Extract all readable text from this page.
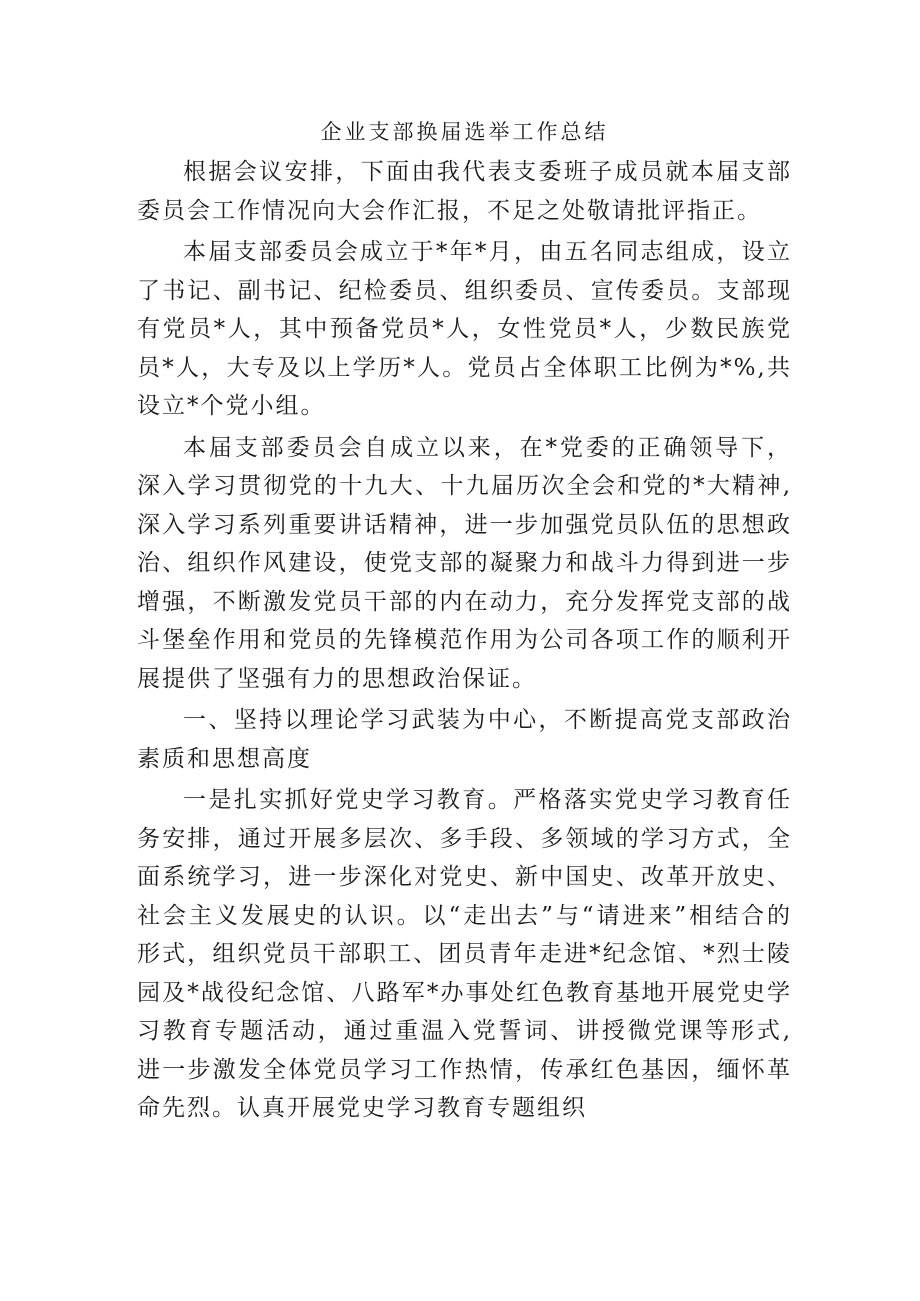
企业支部换届选举工作总结

根据会议安排，下面由我代表支委班子成员就本届支部委员会工作情况向大会作汇报，不足之处敬请批评指正。

本届支部委员会成立于*年*月，由五名同志组成，设立了书记、副书记、纪检委员、组织委员、宣传委员。支部现有党员*人，其中预备党员*人，女性党员*人，少数民族党员*人，大专及以上学历*人。党员占全体职工比例为*%,共设立*个党小组。

本届支部委员会自成立以来，在*党委的正确领导下，深入学习贯彻党的十九大、十九届历次全会和党的*大精神,深入学习系列重要讲话精神，进一步加强党员队伍的思想政治、组织作风建设，使党支部的凝聚力和战斗力得到进一步增强，不断激发党员干部的内在动力，充分发挥党支部的战斗堡垒作用和党员的先锋模范作用为公司各项工作的顺利开展提供了坚强有力的思想政治保证。

一、坚持以理论学习武装为中心，不断提高党支部政治素质和思想高度

一是扎实抓好党史学习教育。严格落实党史学习教育任务安排，通过开展多层次、多手段、多领域的学习方式，全面系统学习，进一步深化对党史、新中国史、改革开放史、社会主义发展史的认识。以“走出去”与“请进来”相结合的形式，组织党员干部职工、团员青年走进*纪念馆、*烈士陵园及*战役纪念馆、八路军*办事处红色教育基地开展党史学习教育专题活动，通过重温入党誓词、讲授微党课等形式,进一步激发全体党员学习工作热情，传承红色基因，缅怀革命先烈。认真开展党史学习教育专题组织
